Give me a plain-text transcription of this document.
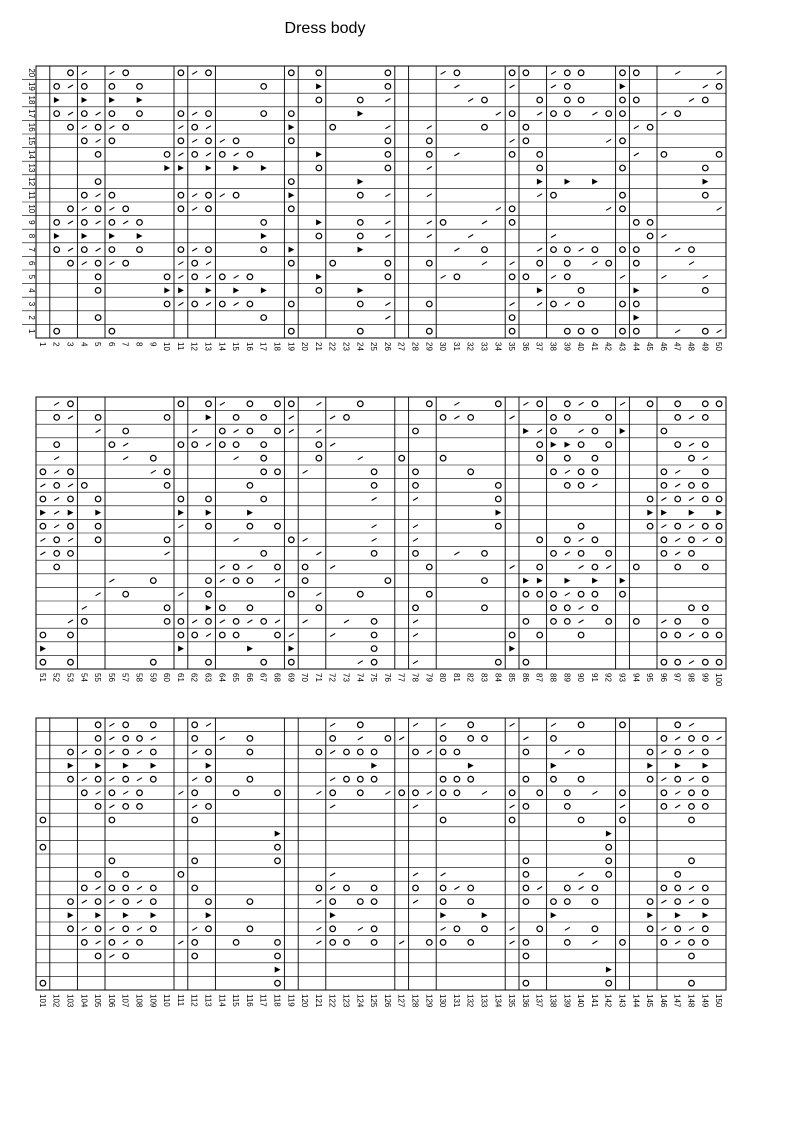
Dress body
20
19
18
17
16
15
14
13
12
11
10
9
8
7
6
5
4
3
2
1
1 2 3 4 5 6 7 8 9 10 11 12 13 14 15 16 17 18 19 20 21 22 23 24 25 26 27 28 29 30 31 32 33 34 35 36 37 38 39 40 41 42 43 44 45 46 47 48 49 50
51 52 53 54 55 56 57 58 59 60 61 62 63 64 65 66 67 68 69 70 71 72 73 74 75 76 77 78 79 80 81 82 83 84 85 86 87 88 89 90 91 92 93 94 95 96 97 98 99 100
101 102 103 104 105 106 107 108 109 110 111 112 113 114 115 116 117 118 119 120 121 122 123 124 125 126 127 128 129 130 131 132 133 134 135 136 137 138 139 140 141 142 143 144 145 146 147 148 149 150
